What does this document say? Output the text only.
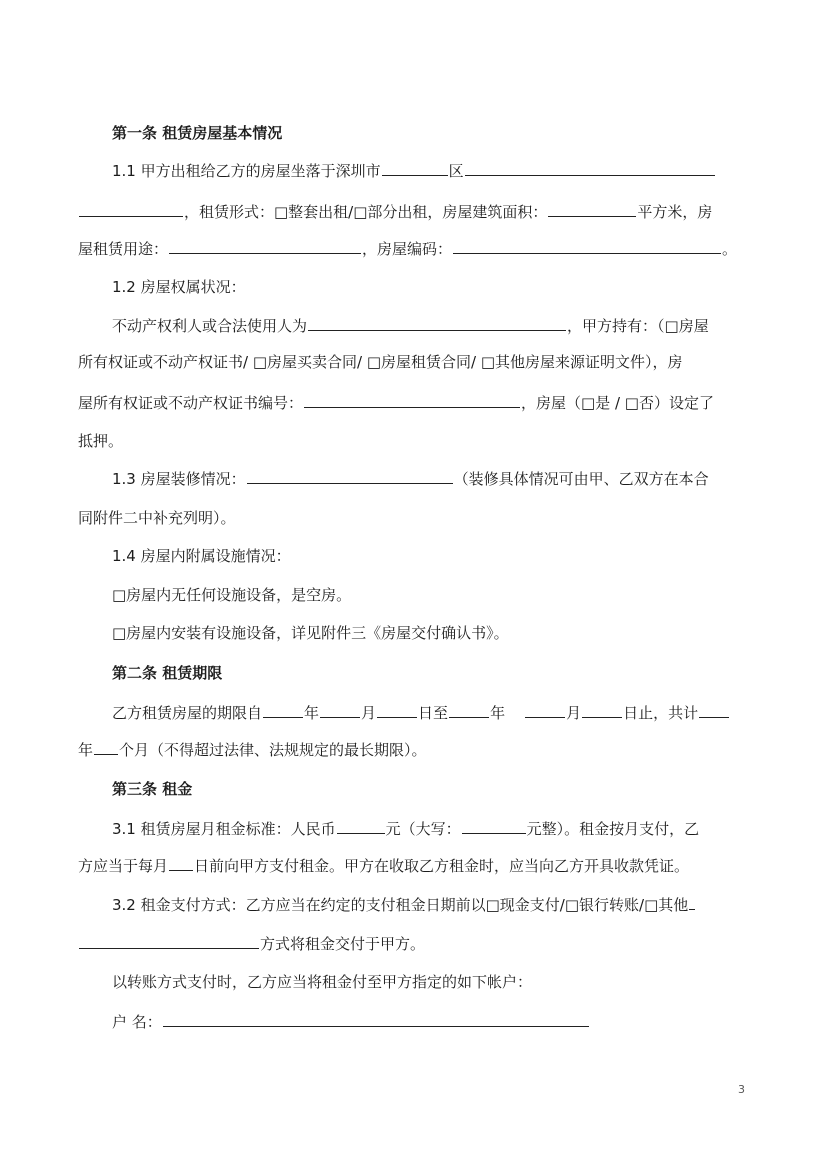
第一条 租赁房屋基本情况
1.1 甲方出租给乙方的房屋坐落于深圳市	区
，租赁形式：□整套出租/□部分出租，房屋建筑面积：	平方米，房
屋租赁用途：	，房屋编码：	。
1.2 房屋权属状况：
不动产权利人或合法使用人为	，甲方持有：（□房屋
所有权证或不动产权证书/ □房屋买卖合同/ □房屋租赁合同/ □其他房屋来源证明文件），房
屋所有权证或不动产权证书编号：	，房屋（□是 / □否）设定了
抵押。
1.3 房屋装修情况：	（装修具体情况可由甲、乙双方在本合
同附件二中补充列明）。
1.4 房屋内附属设施情况：
□房屋内无任何设施设备，是空房。
□房屋内安装有设施设备，详见附件三《房屋交付确认书》。
第二条 租赁期限
乙方租赁房屋的期限自	年	月	日至	年	月	日止，共计
年 个月（不得超过法律、法规规定的最长期限）。
第三条 租金
3.1 租赁房屋月租金标准：人民币	元（大写：	元整）。租金按月支付，乙
方应当于每月 日前向甲方支付租金。甲方在收取乙方租金时，应当向乙方开具收款凭证。
3.2 租金支付方式：乙方应当在约定的支付租金日期前以□现金支付/□银行转账/□其他
方式将租金交付于甲方。
以转账方式支付时，乙方应当将租金付至甲方指定的如下帐户：
户 名：
3
